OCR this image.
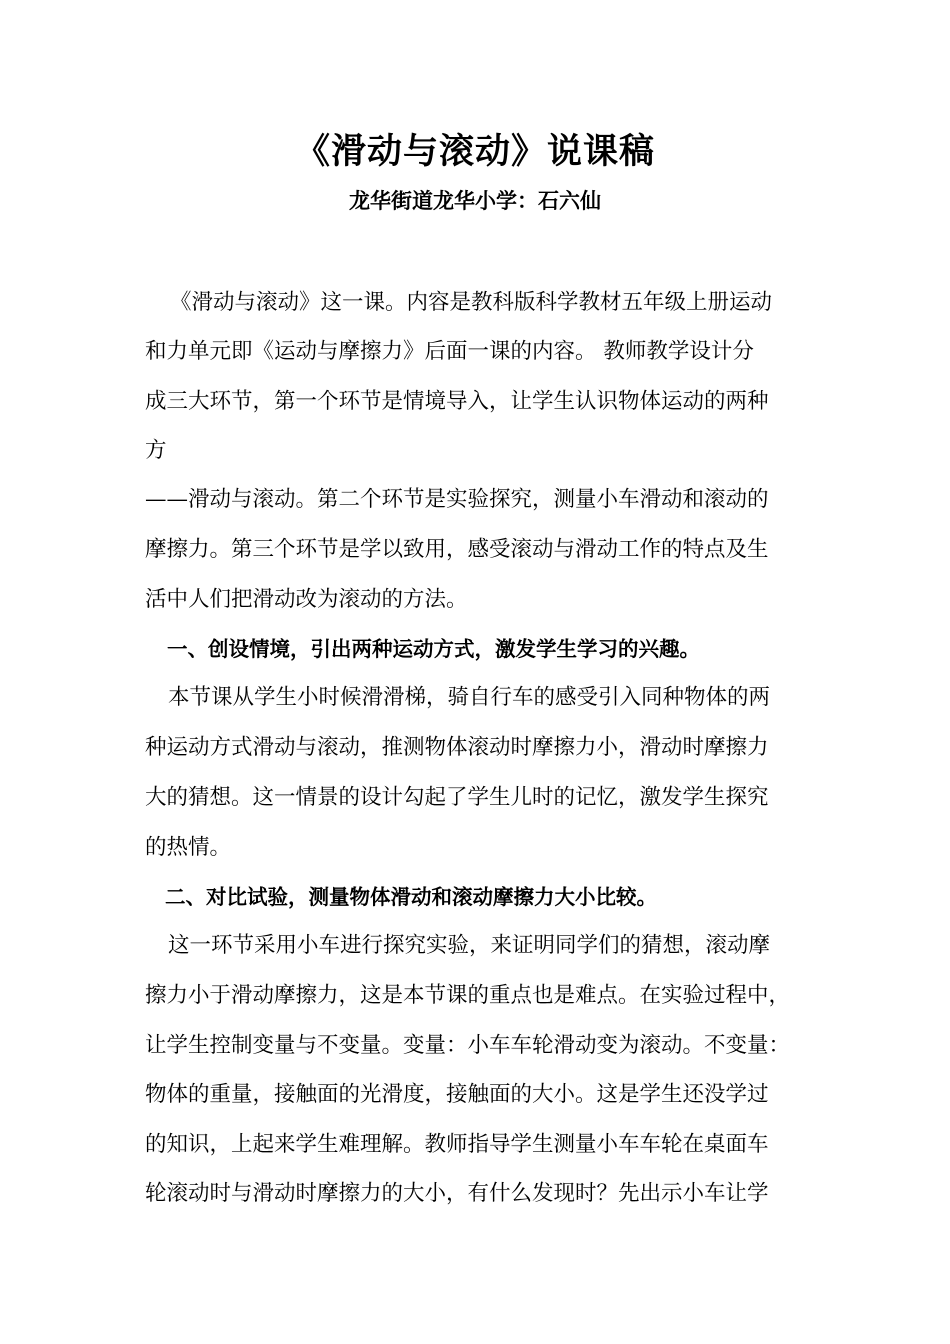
《滑动与滚动》说课稿
龙华街道龙华小学：石六仙
《滑动与滚动》这一课。内容是教科版科学教材五年级上册运动
和力单元即《运动与摩擦力》后面一课的内容。 教师教学设计分
成三大环节，第一个环节是情境导入，让学生认识物体运动的两种
方
——滑动与滚动。第二个环节是实验探究，测量小车滑动和滚动的
摩擦力。第三个环节是学以致用，感受滚动与滑动工作的特点及生
活中人们把滑动改为滚动的方法。
一、创设情境，引出两种运动方式，激发学生学习的兴趣。
本节课从学生小时候滑滑梯，骑自行车的感受引入同种物体的两
种运动方式滑动与滚动，推测物体滚动时摩擦力小，滑动时摩擦力
大的猜想。这一情景的设计勾起了学生儿时的记忆，激发学生探究
的热情。
二、对比试验，测量物体滑动和滚动摩擦力大小比较。
这一环节采用小车进行探究实验，来证明同学们的猜想，滚动摩
擦力小于滑动摩擦力，这是本节课的重点也是难点。在实验过程中，
让学生控制变量与不变量。变量：小车车轮滑动变为滚动。不变量：
物体的重量，接触面的光滑度，接触面的大小。这是学生还没学过
的知识，上起来学生难理解。教师指导学生测量小车车轮在桌面车
轮滚动时与滑动时摩擦力的大小，有什么发现时？先出示小车让学
